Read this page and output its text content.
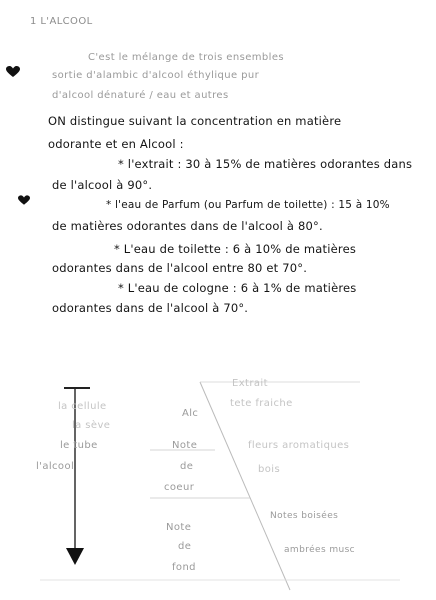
1 L'ALCOOL
C'est le mélange de trois ensembles
sortie d'alambic d'alcool éthylique pur
d'alcool dénaturé / eau et autres
ON distingue suivant la concentration en matière
odorante et en Alcool :
* l'extrait : 30 à 15% de matières odorantes dans
de l'alcool à 90°.
* l'eau de Parfum (ou Parfum de toilette) : 15 à 10%
de matières odorantes dans de l'alcool à 80°.
* L'eau de toilette : 6 à 10% de matières
odorantes dans de l'alcool entre 80 et 70°.
* L'eau de cologne : 6 à 1% de matières
odorantes dans de l'alcool à 70°.
la cellule
la sève
le tube
l'alcool
Alc
Note
de
coeur
Note
de
fond
Extrait
tete fraiche
fleurs aromatiques
bois
Notes boisées
ambrées musc
